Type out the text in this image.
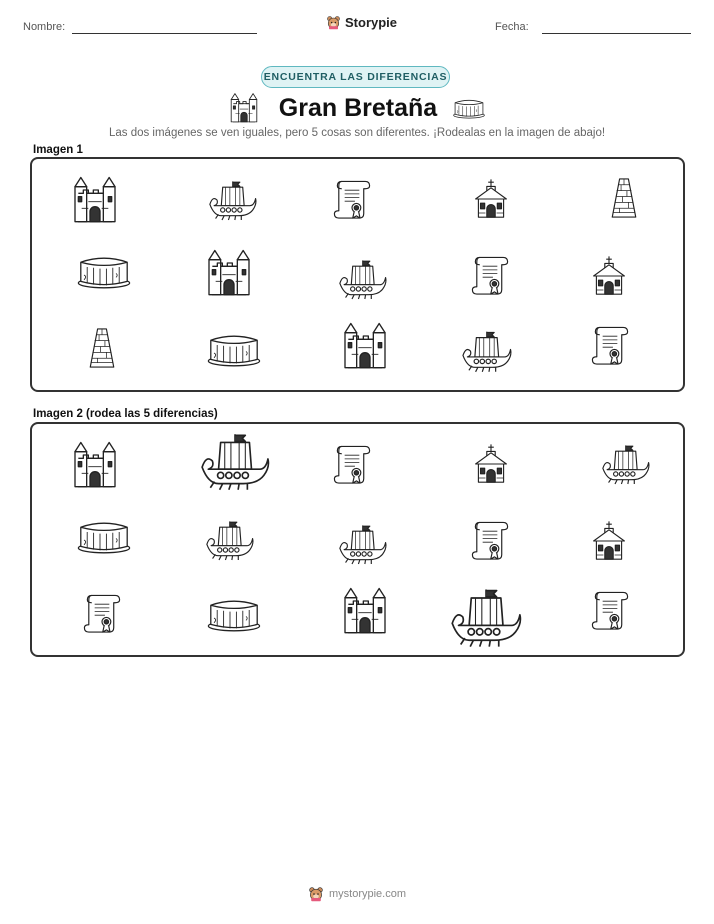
Nombre:	Storypie	Fecha:
ENCUENTRA LAS DIFERENCIAS
Gran Bretaña
Las dos imágenes se ven iguales, pero 5 cosas son diferentes. ¡Rodealas en la imagen de abajo!
Imagen 1
Imagen 2 (rodea las 5 diferencias)
mystorypie.com
